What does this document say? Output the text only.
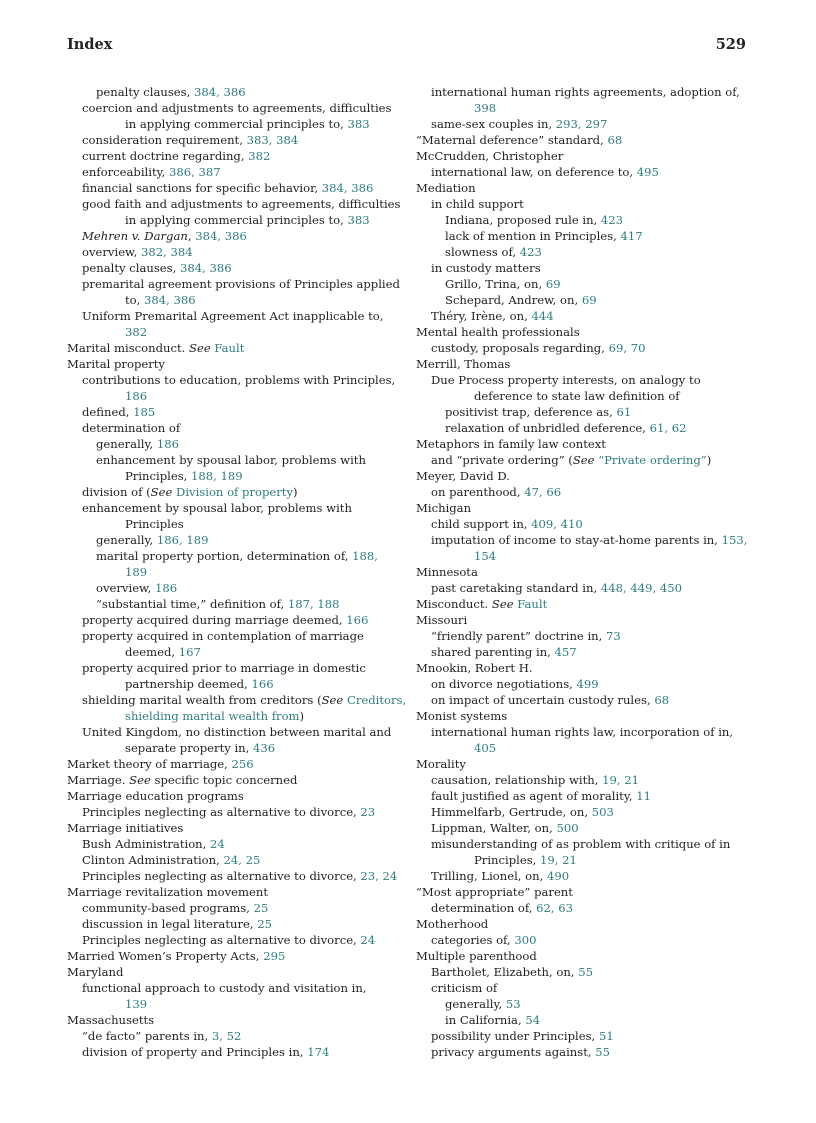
Index	529
penalty clauses, 384, 386
coercion and adjustments to agreements, difficulties
in applying commercial principles to, 383
consideration requirement, 383, 384
current doctrine regarding, 382
enforceability, 386, 387
financial sanctions for specific behavior, 384, 386
good faith and adjustments to agreements, difficulties
in applying commercial principles to, 383
Mehren v. Dargan, 384, 386
overview, 382, 384
penalty clauses, 384, 386
premarital agreement provisions of Principles applied
to, 384, 386
Uniform Premarital Agreement Act inapplicable to,
382
Marital misconduct. See Fault
Marital property
contributions to education, problems with Principles,
186
defined, 185
determination of
generally, 186
enhancement by spousal labor, problems with
Principles, 188, 189
division of (See Division of property)
enhancement by spousal labor, problems with
Principles
generally, 186, 189
marital property portion, determination of, 188,
189
overview, 186
“substantial time,” definition of, 187, 188
property acquired during marriage deemed, 166
property acquired in contemplation of marriage
deemed, 167
property acquired prior to marriage in domestic
partnership deemed, 166
shielding marital wealth from creditors (See Creditors,
shielding marital wealth from)
United Kingdom, no distinction between marital and
separate property in, 436
Market theory of marriage, 256
Marriage. See specific topic concerned
Marriage education programs
Principles neglecting as alternative to divorce, 23
Marriage initiatives
Bush Administration, 24
Clinton Administration, 24, 25
Principles neglecting as alternative to divorce, 23, 24
Marriage revitalization movement
community-based programs, 25
discussion in legal literature, 25
Principles neglecting as alternative to divorce, 24
Married Women’s Property Acts, 295
Maryland
functional approach to custody and visitation in,
139
Massachusetts
“de facto” parents in, 3, 52
division of property and Principles in, 174
international human rights agreements, adoption of,
398
same-sex couples in, 293, 297
“Maternal deference” standard, 68
McCrudden, Christopher
international law, on deference to, 495
Mediation
in child support
Indiana, proposed rule in, 423
lack of mention in Principles, 417
slowness of, 423
in custody matters
Grillo, Trina, on, 69
Schepard, Andrew, on, 69
Théry, Irène, on, 444
Mental health professionals
custody, proposals regarding, 69, 70
Merrill, Thomas
Due Process property interests, on analogy to
deference to state law definition of
positivist trap, deference as, 61
relaxation of unbridled deference, 61, 62
Metaphors in family law context
and “private ordering” (See “Private ordering”)
Meyer, David D.
on parenthood, 47, 66
Michigan
child support in, 409, 410
imputation of income to stay-at-home parents in, 153,
154
Minnesota
past caretaking standard in, 448, 449, 450
Misconduct. See Fault
Missouri
“friendly parent” doctrine in, 73
shared parenting in, 457
Mnookin, Robert H.
on divorce negotiations, 499
on impact of uncertain custody rules, 68
Monist systems
international human rights law, incorporation of in,
405
Morality
causation, relationship with, 19, 21
fault justified as agent of morality, 11
Himmelfarb, Gertrude, on, 503
Lippman, Walter, on, 500
misunderstanding of as problem with critique of in
Principles, 19, 21
Trilling, Lionel, on, 490
“Most appropriate” parent
determination of, 62, 63
Motherhood
categories of, 300
Multiple parenthood
Bartholet, Elizabeth, on, 55
criticism of
generally, 53
in California, 54
possibility under Principles, 51
privacy arguments against, 55
